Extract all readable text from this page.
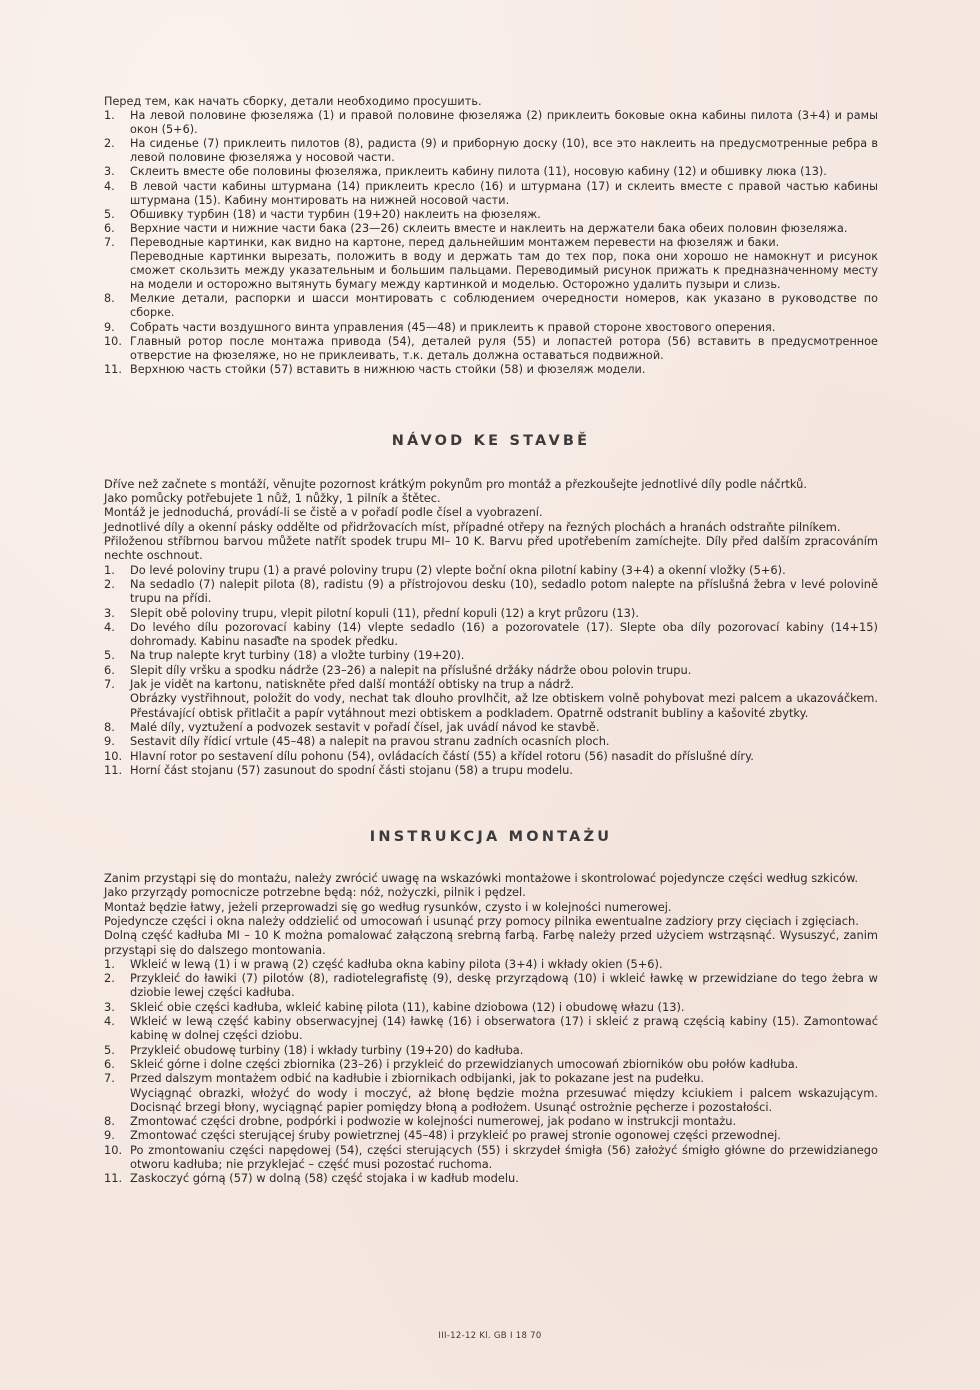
Перед тем, как начать сборку, детали необходимо просушить.

1.	На левой половине фюзеляжа (1) и правой половине фюзеляжа (2) приклеить боковые окна кабины пилота (3+4) и рамы окон (5+6).
2.	На сиденье (7) приклеить пилотов (8), радиста (9) и приборную доску (10), все это наклеить на предусмотренные ребра в левой половине фюзеляжа у носовой части.
3.	Склеить вместе обе половины фюзеляжа, приклеить кабину пилота (11), носовую кабину (12) и обшивку люка (13).
4.	В левой части кабины штурмана (14) приклеить кресло (16) и штурмана (17) и склеить вместе с правой частью кабины штурмана (15). Кабину монтировать на нижней носовой части.
5.	Обшивку турбин (18) и части турбин (19+20) наклеить на фюзеляж.
6.	Верхние части и нижние части бака (23—26) склеить вместе и наклеить на держатели бака обеих половин фюзеляжа.
7.	Переводные картинки, как видно на картоне, перед дальнейшим монтажем перевести на фюзеляж и баки.
Переводные картинки вырезать, положить в воду и держать там до тех пор, пока они хорошо не намокнут и рисунок сможет скользить между указательным и большим пальцами. Переводимый рисунок прижать к предназначенному месту на модели и осторожно вытянуть бумагу между картинкой и моделью. Осторожно удалить пузыри и слизь.
8.	Мелкие детали, распорки и шасси монтировать с соблюдением очередности номеров, как указано в руководстве по сборке.
9.	Собрать части воздушного винта управления (45—48) и приклеить к правой стороне хвостового оперения.
10. Главный ротор после монтажа привода (54), деталей руля (55) и лопастей ротора (56) вставить в предусмотренное отверстие на фюзеляже, но не приклеивать, т.к. деталь должна оставаться подвижной.
11. Верхнюю часть стойки (57) вставить в нижнюю часть стойки (58) и фюзеляж модели.
NÁVOD KE STAVBĚ

Dříve než začnete s montáží, věnujte pozornost krátkým pokynům pro montáž a přezkoušejte jednotlivé díly podle náčrtků.

Jako pomůcky potřebujete 1 nůž, 1 nůžky, 1 pilník a štětec.

Montáž je jednoduchá, provádí-li se čistě a v pořadí podle čísel a vyobrazení.

Jednotlivé díly a okenní pásky oddělte od přidržovacích míst, případné otřepy na řezných plochách a hranách odstraňte pilníkem.

Přiloženou stříbrnou barvou můžete natřít spodek trupu MI– 10 K. Barvu před upotřebením zamíchejte. Díly před dalším zpracováním nechte oschnout.

1.	Do levé poloviny trupu (1) a pravé poloviny trupu (2) vlepte boční okna pilotní kabiny (3+4) a okenní vložky (5+6).
2.	Na sedadlo (7) nalepit pilota (8), radistu (9) a přístrojovou desku (10), sedadlo potom nalepte na příslušná žebra v levé polovině trupu na přídi.
3.	Slepit obě poloviny trupu, vlepit pilotní kopuli (11), přední kopuli (12) a kryt průzoru (13).
4.	Do levého dílu pozorovací kabiny (14) vlepte sedadlo (16) a pozorovatele (17). Slepte oba díly pozorovací kabiny (14+15) dohromady. Kabinu nasaďte na spodek předku.
5.	Na trup nalepte kryt turbiny (18) a vložte turbiny (19+20).
6.	Slepit díly vršku a spodku nádrže (23–26) a nalepit na příslušné držáky nádrže obou polovin trupu.
7.	Jak je vidět na kartonu, natiskněte před další montáží obtisky na trup a nádrž.
Obrázky vystřihnout, položit do vody, nechat tak dlouho provlhčit, až lze obtiskem volně pohybovat mezi palcem a ukazováčkem. Přestávající obtisk přitlačit a papír vytáhnout mezi obtiskem a podkladem. Opatrně odstranit bubliny a kašovité zbytky.
8.	Malé díly, vyztužení a podvozek sestavit v pořadí čísel, jak uvádí návod ke stavbě.
9.	Sestavit díly řídicí vrtule (45–48) a nalepit na pravou stranu zadních ocasních ploch.
10. Hlavní rotor po sestavení dílu pohonu (54), ovládacích částí (55) a křídel rotoru (56) nasadit do příslušné díry.
11. Horní část stojanu (57) zasunout do spodní části stojanu (58) a trupu modelu.
INSTRUKCJA MONTAŻU

Zanim przystąpi się do montażu, należy zwrócić uwagę na wskazówki montażowe i skontrolować pojedyncze części według szkiców.

Jako przyrządy pomocnicze potrzebne będą: nóż, nożyczki, pilnik i pędzel.

Montaż będzie łatwy, jeżeli przeprowadzi się go według rysunków, czysto i w kolejności numerowej.

Pojedyncze części i okna należy oddzielić od umocowań i usunąć przy pomocy pilnika ewentualne zadziory przy cięciach i zgięciach.

Dolną część kadłuba MI – 10 K można pomalować załączoną srebrną farbą. Farbę należy przed użyciem wstrząsnąć. Wysuszyć, zanim przystąpi się do dalszego montowania.

1.	Wkleić w lewą (1) i w prawą (2) część kadłuba okna kabiny pilota (3+4) i wkłady okien (5+6).
2.	Przykleić do ławiki (7) pilotów (8), radiotelegrafistę (9), deskę przyrządową (10) i wkleić ławkę w przewidziane do tego żebra w dziobie lewej części kadłuba.
3.	Skleić obie części kadłuba, wkleić kabinę pilota (11), kabine dziobowa (12) i obudowę włazu (13).
4.	Wkleić w lewą część kabiny obserwacyjnej (14) ławkę (16) i obserwatora (17) i skleić z prawą częścią kabiny (15). Zamontować kabinę w dolnej części dziobu.
5.	Przykleić obudowę turbiny (18) i wkłady turbiny (19+20) do kadłuba.
6.	Skleić górne i dolne części zbiornika (23–26) i przykleić do przewidzianych umocowań zbiorników obu połów kadłuba.
7.	Przed dalszym montażem odbić na kadłubie i zbiornikach odbijanki, jak to pokazane jest na pudełku.
Wyciągnąć obrazki, włożyć do wody i moczyć, aż błonę będzie można przesuwać między kciukiem i palcem wskazującym. Docisnąć brzegi błony, wyciągnąć papier pomiędzy błoną a podłożem. Usunąć ostrożnie pęcherze i pozostałości.
8.	Zmontować części drobne, podpórki i podwozie w kolejności numerowej, jak podano w instrukcji montażu.
9.	Zmontować części sterującej śruby powietrznej (45–48) i przykleić po prawej stronie ogonowej części przewodnej.
10. Po zmontowaniu części napędowej (54), części sterujących (55) i skrzydeł śmigła (56) założyć śmigło główne do przewidzianego otworu kadłuba; nie przyklejać – część musi pozostać ruchoma.
11. Zaskoczyć górną (57) w dolną (58) część stojaka i w kadłub modelu.
III-12-12 Kl. GB I 18 70
